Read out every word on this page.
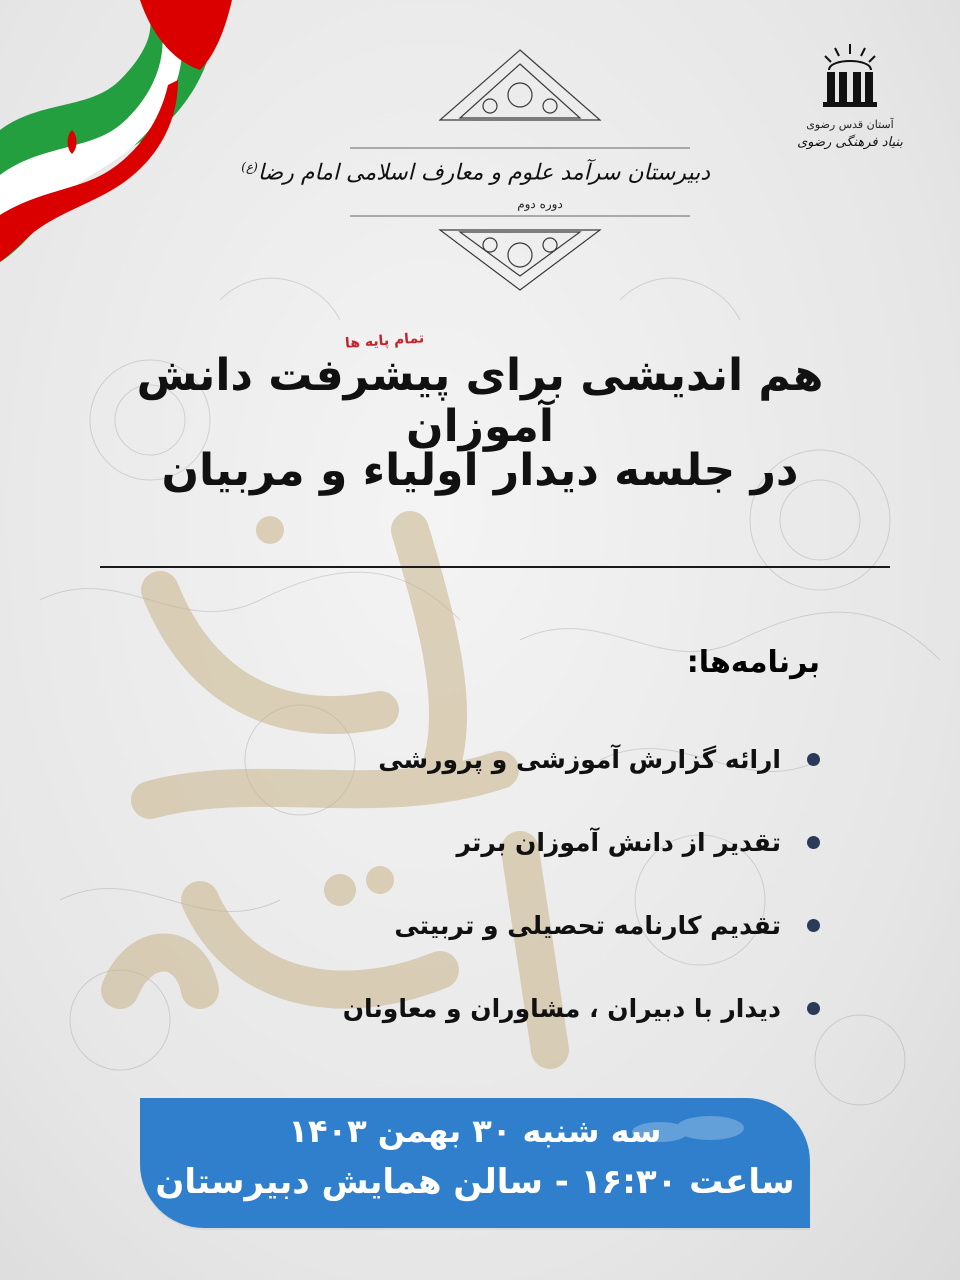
آستان قدس رضوی
بنیاد فرهنگی رضوی
دبیرستان سرآمد علوم و معارف اسلامی امام رضا$^{(ع)}$
دوره دوم
تمام پایه ها
هم اندیشی برای پیشرفت دانش آموزان
در جلسه دیدار اولیاء و مربیان
برنامه‌ها:
ارائه گزارش آموزشی و پرورشی
تقدیر از دانش آموزان برتر
تقدیم کارنامه تحصیلی و تربیتی
دیدار با دبیران ، مشاوران و معاونان
سه شنبه ۳۰ بهمن ۱۴۰۳
ساعت ۱۶:۳۰ - سالن همایش دبیرستان
